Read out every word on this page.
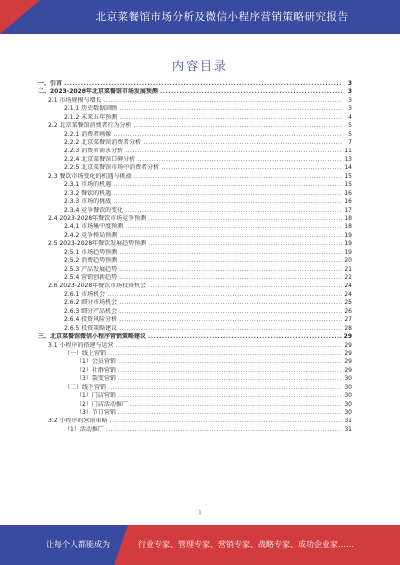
北京菜餐馆市场分析及微信小程序营销策略研究报告
内容目录
一、引言 .....	3
二、2023-2028年北京菜餐馆市场发展预测 .....	3
2.1 市场规模与增长 .....	3
2.1.1 历史数据回顾 .....	3
2.1.2 未来五年预测 .....	4
2.2 北京菜餐馆消费者行为分析 .....	5
2.2.1 消费者画像 .....	5
2.2.2 北京菜餐馆消费者分析 .....	7
2.2.3 消费者需求分析 .....	11
2.2.4 北京菜餐馆口碑分析 .....	13
2.2.5 北京菜餐馆市场中消费者分析 .....	14
2.3 餐饮市场变化的机遇与挑战 .....	15
2.3.1 市场的机遇 .....	15
2.3.2 餐饮的机遇 .....	16
2.3.3 市场的挑战 .....	16
2.3.4 竞争餐饮的变化 .....	17
2.4 2023-2028年餐饮市场竞争预测 .....	18
2.4.1 市场集中度预测 .....	18
2.4.2 竞争格局预测 .....	19
2.5 2023-2028年餐饮发展趋势预测 .....	19
2.5.1 市场趋势预测 .....	19
2.5.2 消费趋势预测 .....	20
2.5.3 产品发展趋势 .....	21
2.5.4 营销创新趋势 .....	22
2.6 2023-2028年餐饮市场投资机会 .....	24
2.6.1 市场机会 .....	24
2.6.2 细分市场机会 .....	25
2.6.3 细分产品机会 .....	26
2.6.4 投资风险分析 .....	27
2.6.5 投资策略建议 .....	28
三、北京菜餐馆微信小程序营销策略建议 .....	29
3.1 小程序的搭建与运营 .....	29
（一）线上营销 .....	29
（1）会员营销 .....	29
（2）社群营销 .....	29
（3）裂变营销 .....	30
（二）线下营销 .....	30
（1）门店营销 .....	30
（2）门店活动推广 .....	30
（3）节日营销 .....	30
3.2 小程序的营销策略 .....	31
（1）活动推广 .....	31
1
让每个人都能成为	行业专家、管理专家、营销专家、战略专家、成功企业家……
